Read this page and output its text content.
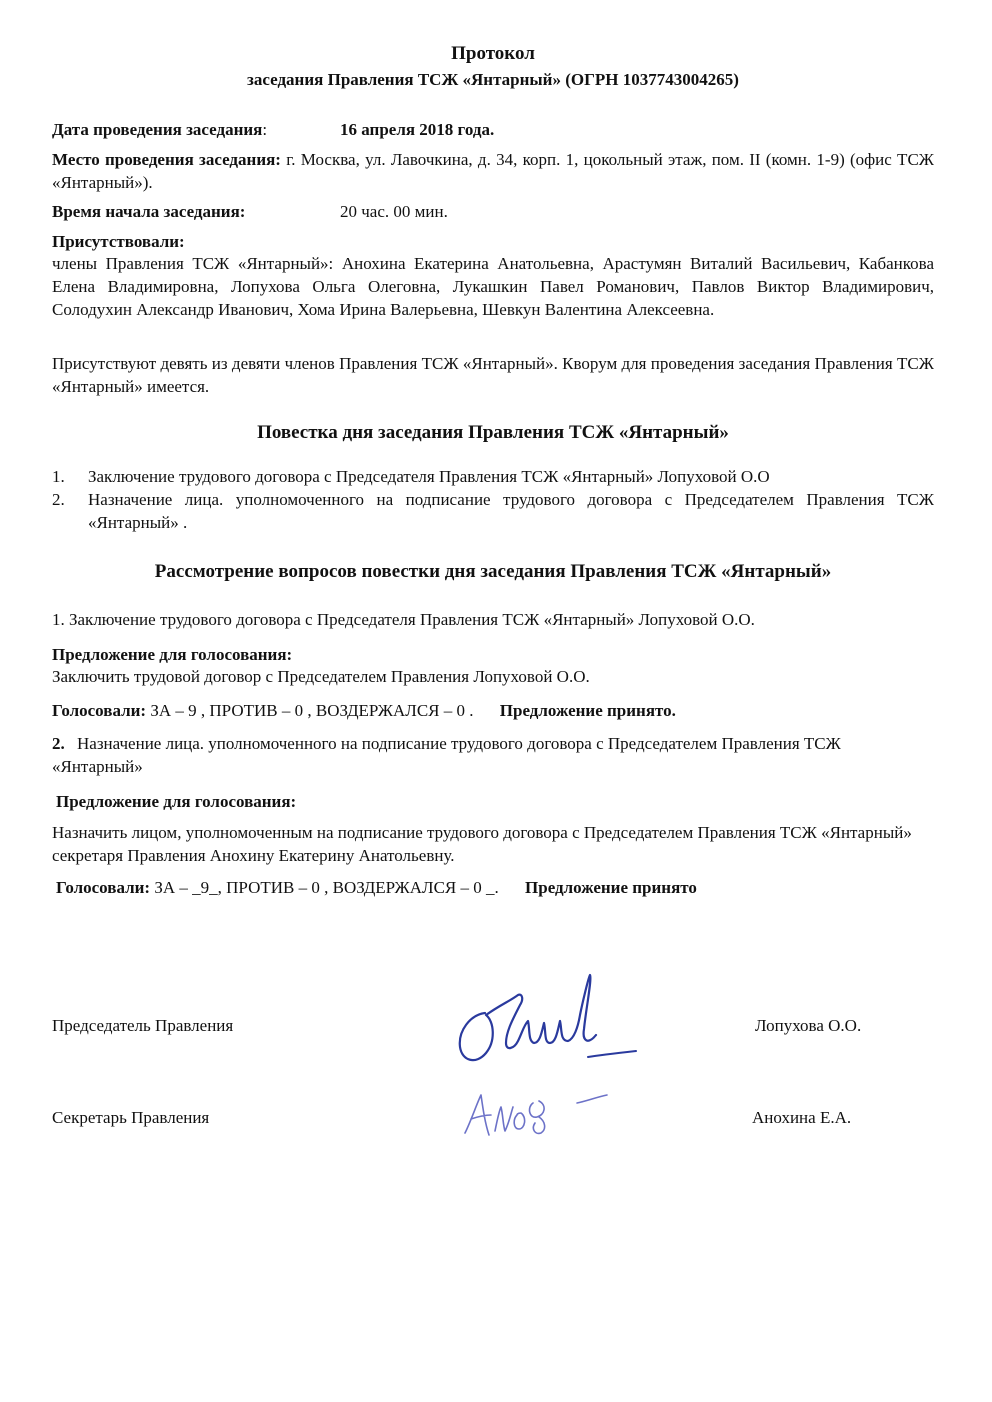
Протокол
заседания Правления ТСЖ «Янтарный» (ОГРН 1037743004265)
Дата проведения заседания:	16 апреля 2018 года.
Место проведения заседания: г. Москва, ул. Лавочкина, д. 34, корп. 1, цокольный этаж, пом. II (комн. 1-9) (офис ТСЖ «Янтарный»).
Время начала заседания:	20 час. 00 мин.
Присутствовали:
члены Правления ТСЖ «Янтарный»: Анохина Екатерина Анатольевна, Арастумян Виталий Васильевич, Кабанкова Елена Владимировна, Лопухова Ольга Олеговна, Лукашкин Павел Романович, Павлов Виктор Владимирович, Солодухин Александр Иванович, Хома Ирина Валерьевна, Шевкун Валентина Алексеевна.
Присутствуют девять из девяти членов Правления ТСЖ «Янтарный». Кворум для проведения заседания Правления ТСЖ «Янтарный» имеется.
Повестка дня заседания Правления ТСЖ «Янтарный»
1. Заключение трудового договора с Председателя Правления ТСЖ «Янтарный» Лопуховой О.О
2. Назначение лица. уполномоченного на подписание трудового договора с Председателем Правления ТСЖ «Янтарный» .
Рассмотрение вопросов повестки дня заседания Правления ТСЖ «Янтарный»
1. Заключение трудового договора с Председателя Правления ТСЖ «Янтарный» Лопуховой О.О.
Предложение для голосования:
Заключить трудовой договор с Председателем Правления Лопуховой О.О.
Голосовали: ЗА – 9 , ПРОТИВ – 0 , ВОЗДЕРЖАЛСЯ – 0 . Предложение принято.
2. Назначение лица. уполномоченного на подписание трудового договора с Председателем Правления ТСЖ «Янтарный»
Предложение для голосования:
Назначить лицом, уполномоченным на подписание трудового договора с Председателем Правления ТСЖ «Янтарный» секретаря Правления Анохину Екатерину Анатольевну.
Голосовали: ЗА – _9_, ПРОТИВ – 0 , ВОЗДЕРЖАЛСЯ – 0 _. Предложение принято
Председатель Правления	Лопухова О.О.
Секретарь Правления	Анохина Е.А.
